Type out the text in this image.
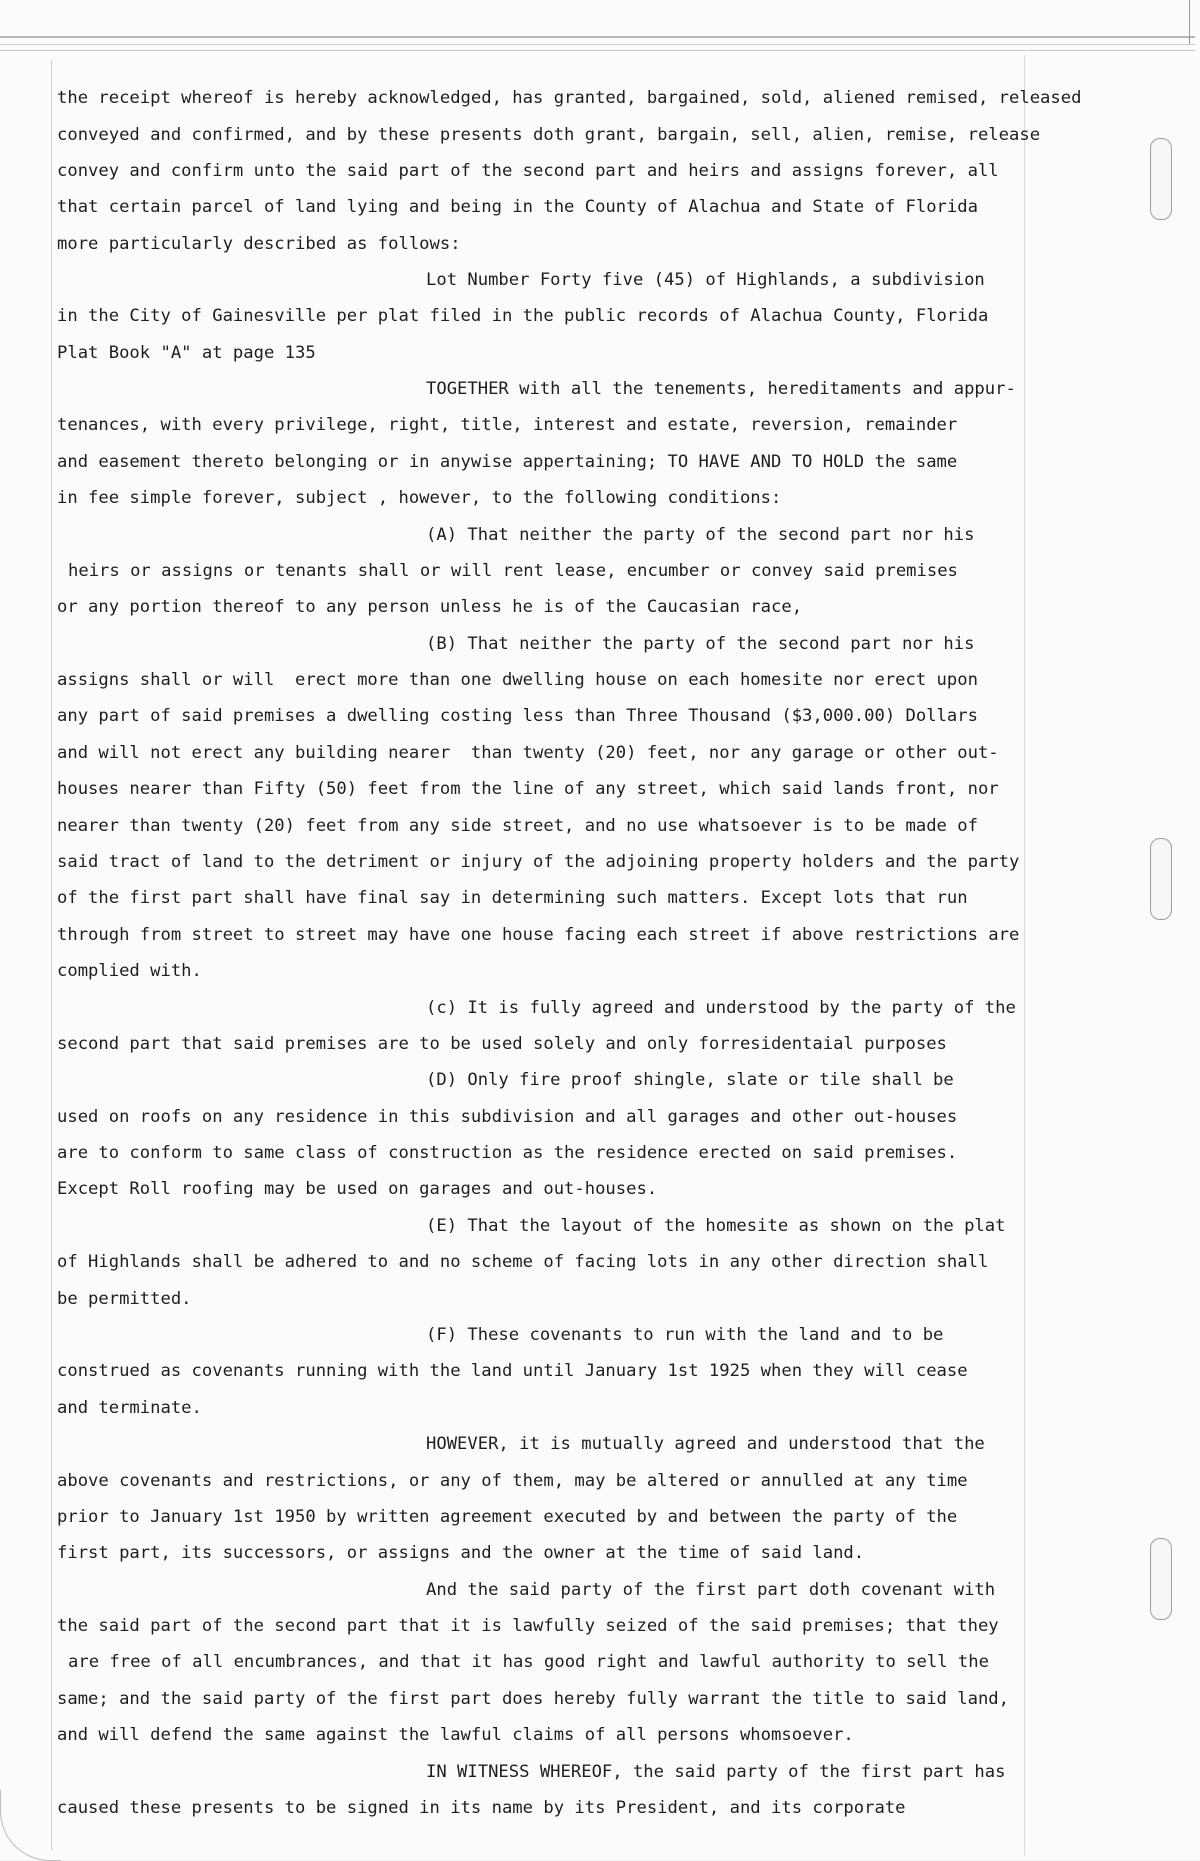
the receipt whereof is hereby acknowledged, has granted, bargained, sold, aliened remised, released
conveyed and confirmed, and by these presents doth grant, bargain, sell, alien, remise, release
convey and confirm unto the said part of the second part and heirs and assigns forever, all
that certain parcel of land lying and being in the County of Alachua and State of Florida
more particularly described as follows:
Lot Number Forty five (45) of Highlands, a subdivision
in the City of Gainesville per plat filed in the public records of Alachua County, Florida
Plat Book "A" at page 135
TOGETHER with all the tenements, hereditaments and appur-
tenances, with every privilege, right, title, interest and estate, reversion, remainder
and easement thereto belonging or in anywise appertaining; TO HAVE AND TO HOLD the same
in fee simple forever, subject , however, to the following conditions:
(A) That neither the party of the second part nor his
heirs or assigns or tenants shall or will rent lease, encumber or convey said premises
or any portion thereof to any person unless he is of the Caucasian race,
(B) That neither the party of the second part nor his
assigns shall or will  erect more than one dwelling house on each homesite nor erect upon
any part of said premises a dwelling costing less than Three Thousand ($3,000.00) Dollars
and will not erect any building nearer  than twenty (20) feet, nor any garage or other out-
houses nearer than Fifty (50) feet from the line of any street, which said lands front, nor
nearer than twenty (20) feet from any side street, and no use whatsoever is to be made of
said tract of land to the detriment or injury of the adjoining property holders and the party
of the first part shall have final say in determining such matters. Except lots that run
through from street to street may have one house facing each street if above restrictions are
complied with.
(c) It is fully agreed and understood by the party of the
second part that said premises are to be used solely and only forresidentaial purposes
(D) Only fire proof shingle, slate or tile shall be
used on roofs on any residence in this subdivision and all garages and other out-houses
are to conform to same class of construction as the residence erected on said premises.
Except Roll roofing may be used on garages and out-houses.
(E) That the layout of the homesite as shown on the plat
of Highlands shall be adhered to and no scheme of facing lots in any other direction shall
be permitted.
(F) These covenants to run with the land and to be
construed as covenants running with the land until January 1st 1925 when they will cease
and terminate.
HOWEVER, it is mutually agreed and understood that the
above covenants and restrictions, or any of them, may be altered or annulled at any time
prior to January 1st 1950 by written agreement executed by and between the party of the
first part, its successors, or assigns and the owner at the time of said land.
And the said party of the first part doth covenant with
the said part of the second part that it is lawfully seized of the said premises; that they
are free of all encumbrances, and that it has good right and lawful authority to sell the
same; and the said party of the first part does hereby fully warrant the title to said land,
and will defend the same against the lawful claims of all persons whomsoever.
IN WITNESS WHEREOF, the said party of the first part has
caused these presents to be signed in its name by its President, and its corporate
